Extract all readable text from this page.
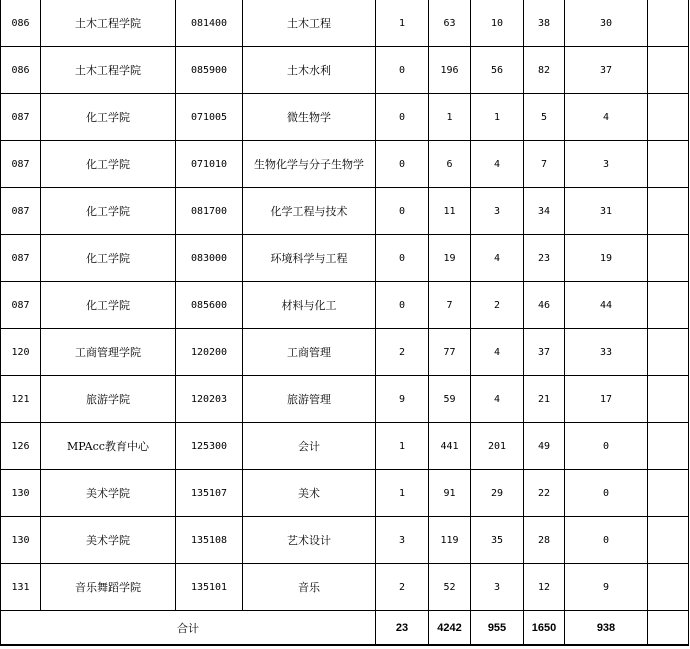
086	土木工程学院	081400	土木工程	1	63	10	38	30	
086	土木工程学院	085900	土木水利	0	196	56	82	37	
087	化工学院	071005	微生物学	0	1	1	5	4	
087	化工学院	071010	生物化学与分子生物学	0	6	4	7	3	
087	化工学院	081700	化学工程与技术	0	11	3	34	31	
087	化工学院	083000	环境科学与工程	0	19	4	23	19	
087	化工学院	085600	材料与化工	0	7	2	46	44	
120	工商管理学院	120200	工商管理	2	77	4	37	33	
121	旅游学院	120203	旅游管理	9	59	4	21	17	
126	MPAcc教育中心	125300	会计	1	441	201	49	0	
130	美术学院	135107	美术	1	91	29	22	0	
130	美术学院	135108	艺术设计	3	119	35	28	0	
131	音乐舞蹈学院	135101	音乐	2	52	3	12	9	
合计				23	4242	955	1650	938	
